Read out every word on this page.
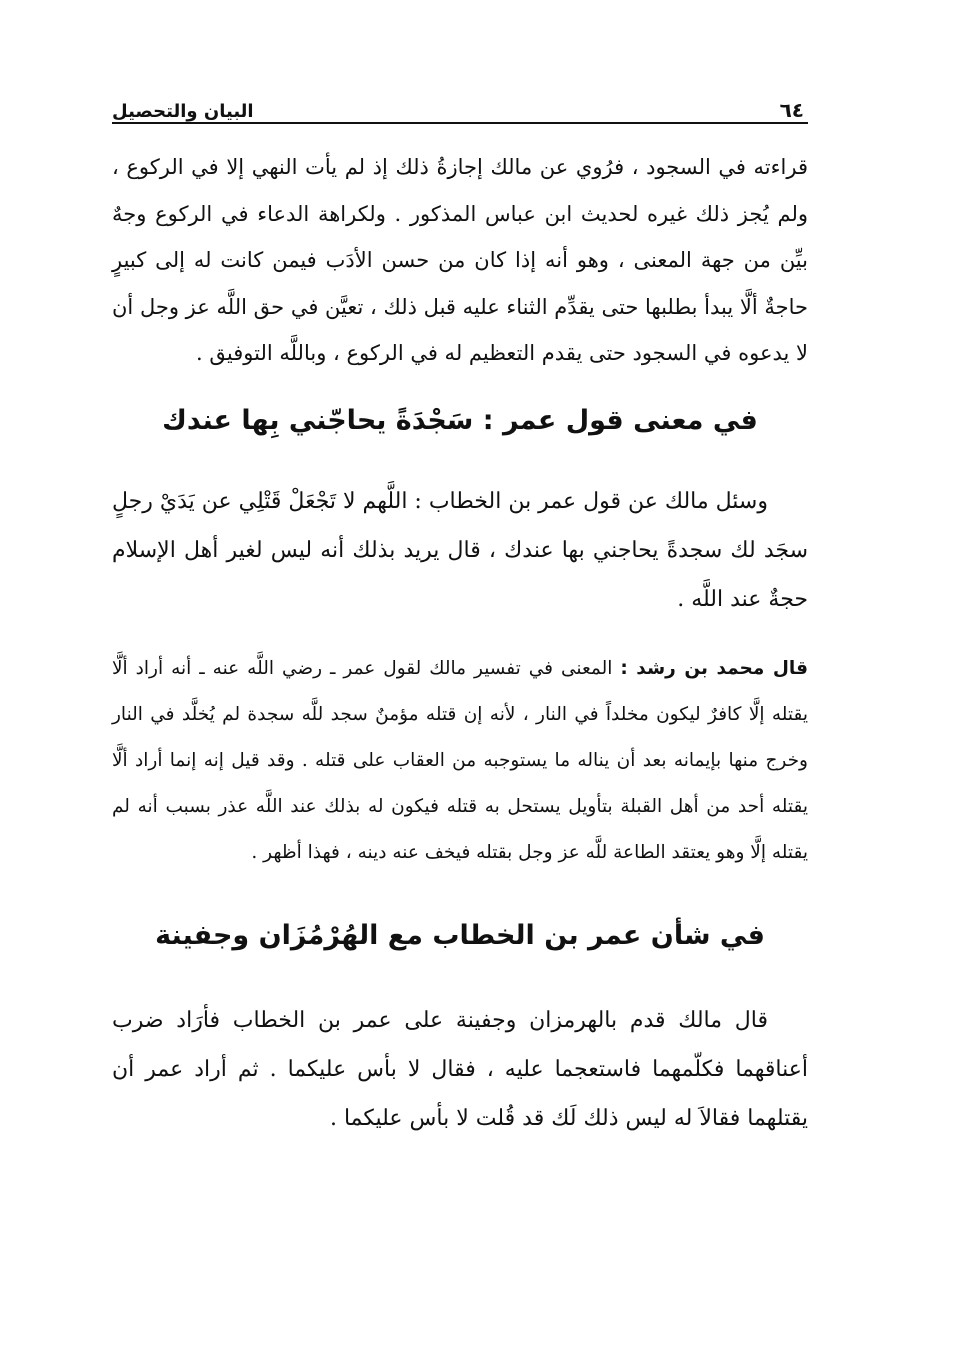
٦٤
البيان والتحصيل

قراءته في السجود ، فرُوي عن مالك إجازةُ ذلك إذ لم يأت النهي إلا في الركوع ، ولم يُجز ذلك غيره لحديث ابن عباس المذكور . ولكراهة الدعاء في الركوع وجهٌ بيِّن من جهة المعنى ، وهو أنه إذا كان من حسن الأدَب فيمن كانت له إلى كبيرٍ حاجةٌ ألَّا يبدأ بطلبها حتى يقدِّم الثناء عليه قبل ذلك ، تعيَّن في حق اللَّه عز وجل أن لا يدعوه في السجود حتى يقدم التعظيم له في الركوع ، وباللَّه التوفيق .

في معنى قول عمر : سَجْدَةً يحاجّني بِها عندك

وسئل مالك عن قول عمر بن الخطاب : اللَّهم لا تَجْعَلْ قَتْلِي عن يَدَيْ رجلٍ سجَد لك سجدةً يحاجني بها عندك ، قال يريد بذلك أنه ليس لغير أهل الإسلام حجةٌ عند اللَّه .

قال محمد بن رشد : المعنى في تفسير مالك لقول عمر ـ رضي اللَّه عنه ـ أنه أراد ألَّا يقتله إلَّا كافرٌ ليكون مخلداً في النار ، لأنه إن قتله مؤمنٌ سجد للَّه سجدة لم يُخلَّد في النار وخرج منها بإيمانه بعد أن يناله ما يستوجبه من العقاب على قتله . وقد قيل إنه إنما أراد ألَّا يقتله أحد من أهل القبلة بتأويل يستحل به قتله فيكون له بذلك عند اللَّه عذر بسبب أنه لم يقتله إلَّا وهو يعتقد الطاعة للَّه عز وجل بقتله فيخف عنه دينه ، فهذا أظهر .

في شأن عمر بن الخطاب مع الهُرْمُزَان وجفينة

قال مالك قدم بالهرمزان وجفينة على عمر بن الخطاب فأرَاد ضرب أعناقهما فكلّمهما فاستعجما عليه ، فقال لا بأس عليكما . ثم أراد عمر أن يقتلهما فقالاَ له ليس ذلك لَك قد قُلت لا بأس عليكما .
